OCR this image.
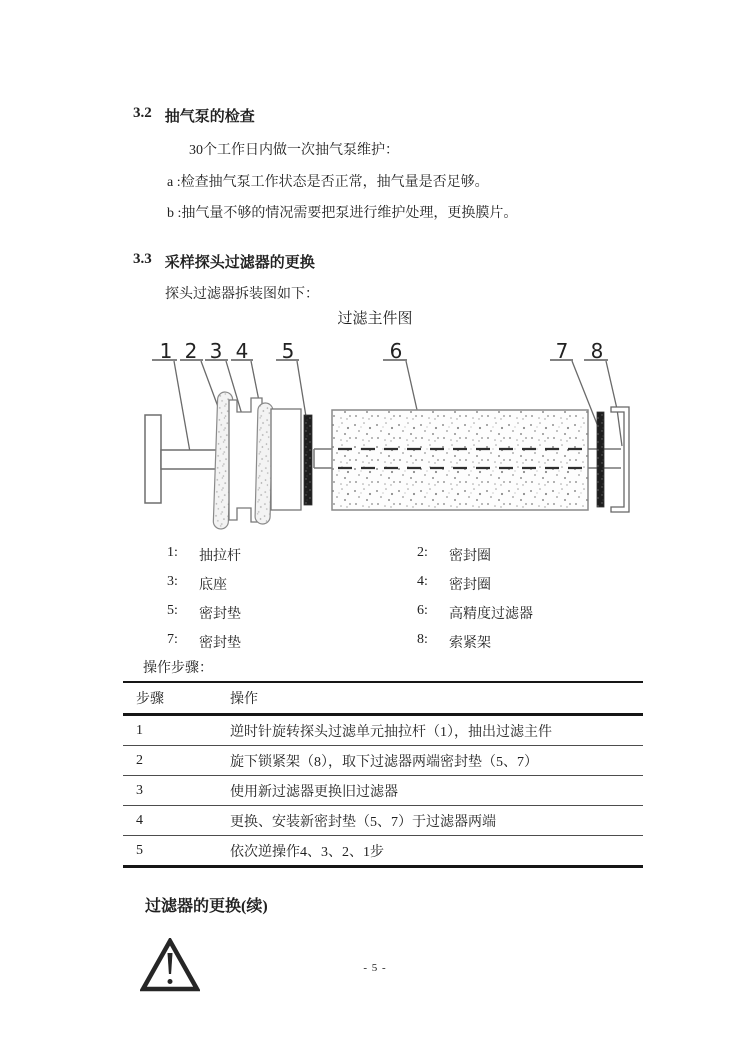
3.2 抽气泵的检查
30个工作日内做一次抽气泵维护：
a :检查抽气泵工作状态是否正常，抽气量是否足够。
b :抽气量不够的情况需要把泵进行维护处理，更换膜片。
3.3 采样探头过滤器的更换
探头过滤器拆装图如下：
过滤主件图
1 2 3 4 5	6	7 8
1:	抽拉杆	2:	密封圈
3:	底座	4:	密封圈
5:	密封垫	6:	高精度过滤器
7:	密封垫	8:	索紧架
操作步骤：
步骤	操作
1	逆时针旋转探头过滤单元抽拉杆（1），抽出过滤主件
2	旋下锁紧架（8），取下过滤器两端密封垫（5、7）
3	使用新过滤器更换旧过滤器
4	更换、安装新密封垫（5、7）于过滤器两端
5	依次逆操作4、3、2、1步
过滤器的更换(续)
- 5 -
